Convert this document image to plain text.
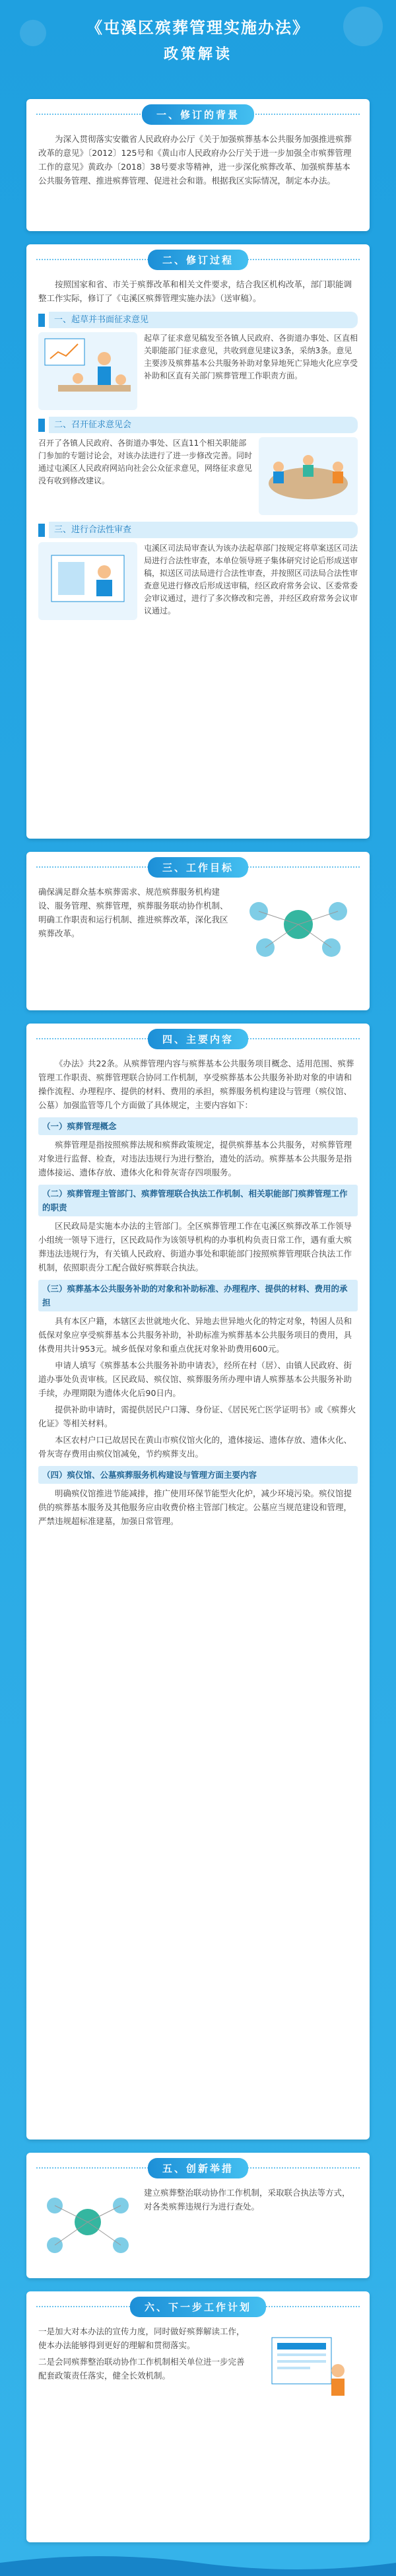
《屯溪区殡葬管理实施办法》
政策解读
一、修订的背景

为深入贯彻落实安徽省人民政府办公厅《关于加强殡葬基本公共服务加强推进殡葬改革的意见》〔2012〕125号和《黄山市人民政府办公厅关于进一步加强全市殡葬管理工作的意见》黄政办〔2018〕38号要求等精神，进一步深化殡葬改革、加强殡葬基本公共服务管理、推进殡葬管理、促进社会和谐。根据我区实际情况，制定本办法。

二、修订过程

按照国家和省、市关于殡葬改革和相关文件要求，结合我区机构改革，部门职能调整工作实际，修订了《屯溪区殡葬管理实施办法》（送审稿）。

一、起草并书面征求意见

起草了征求意见稿发至各镇人民政府、各街道办事处、区直相关职能部门征求意见，共收到意见建议3条，采纳3条。意见主要涉及殡葬基本公共服务补助对象异地死亡异地火化应享受补助和区直有关部门殡葬管理工作职责方面。

二、召开征求意见会

召开了各镇人民政府、各街道办事处、区直11个相关职能部门参加的专题讨论会，对该办法进行了进一步修改完善。同时通过屯溪区人民政府网站向社会公众征求意见，网络征求意见没有收到修改建议。

三、进行合法性审查

屯溪区司法局审查认为该办法起草部门按规定将草案送区司法局进行合法性审查，本单位领导班子集体研究讨论后形成送审稿，拟送区司法局进行合法性审查，并按照区司法局合法性审查意见进行修改后形成送审稿，经区政府常务会议、区委常委会审议通过，进行了多次修改和完善，并经区政府常务会议审议通过。

三、工作目标

确保满足群众基本殡葬需求、规范殡葬服务机构建设、服务管理、殡葬管理，殡葬服务联动协作机制、明确工作职责和运行机制、推进殡葬改革，深化我区殡葬改革。

四、主要内容

《办法》共22条。从殡葬管理内容与殡葬基本公共服务项目概念、适用范围、殡葬管理工作职责、殡葬管理联合协同工作机制，享受殡葬基本公共服务补助对象的申请和操作流程、办理程序、提供的材料、费用的承担，殡葬服务机构建设与管理（殡仪馆、公墓）加强监管等几个方面做了具体规定，主要内容如下：

（一）殡葬管理概念

殡葬管理是指按照殡葬法规和殡葬政策规定，提供殡葬基本公共服务，对殡葬管理对象进行监督、检查，对违法违规行为进行整治，遗处的活动。殡葬基本公共服务是指遗体接运、遗体存放、遗体火化和骨灰寄存四项服务。

（二）殡葬管理主管部门、殡葬管理联合执法工作机制、相关职能部门殡葬管理工作的职责

区民政局是实施本办法的主管部门。全区殡葬管理工作在屯溪区殡葬改革工作领导小组统一领导下进行，区民政局作为该领导机构的办事机构负责日常工作，遇有重大殡葬违法违规行为，有关镇人民政府、街道办事处和职能部门按照殡葬管理联合执法工作机制，依照职责分工配合做好殡葬联合执法。

（三）殡葬基本公共服务补助的对象和补助标准、办理程序、提供的材料、费用的承担

具有本区户籍，本辖区去世就地火化、异地去世异地火化的特定对象，特困人员和低保对象应享受殡葬基本公共服务补助，补助标准为殡葬基本公共服务项目的费用，具体费用共计953元。城乡低保对象和重点优抚对象补助费用600元。

申请人填写《殡葬基本公共服务补助申请表》，经所在村（居）、由镇人民政府、街道办事处负责审核。区民政局、殡仪馆、殡葬服务所办理申请人殡葬基本公共服务补助手续，办理期限为遗体火化后90日内。

提供补助申请时，需提供居民户口簿、身份证、《居民死亡医学证明书》或《殡葬火化证》等相关材料。

本区农村户口已故居民在黄山市殡仪馆火化的，遗体接运、遗体存放、遗体火化、骨灰寄存费用由殡仪馆减免，节约殡葬支出。

（四）殡仪馆、公墓殡葬服务机构建设与管理方面主要内容

明确殡仪馆推进节能减排，推广使用环保节能型火化炉，减少环境污染。殡仪馆提供的殡葬基本服务及其他服务应由收费价格主管部门核定。公墓应当规范建设和管理，严禁违规超标准建墓，加强日常管理。

五、创新举措

建立殡葬整治联动协作工作机制，采取联合执法等方式，对各类殡葬违规行为进行查处。

六、下一步工作计划

一是加大对本办法的宣传力度，同时做好殡葬解读工作，使本办法能够得到更好的理解和贯彻落实。

二是会同殡葬整治联动协作工作机制相关单位进一步完善配套政策责任落实，健全长效机制。
